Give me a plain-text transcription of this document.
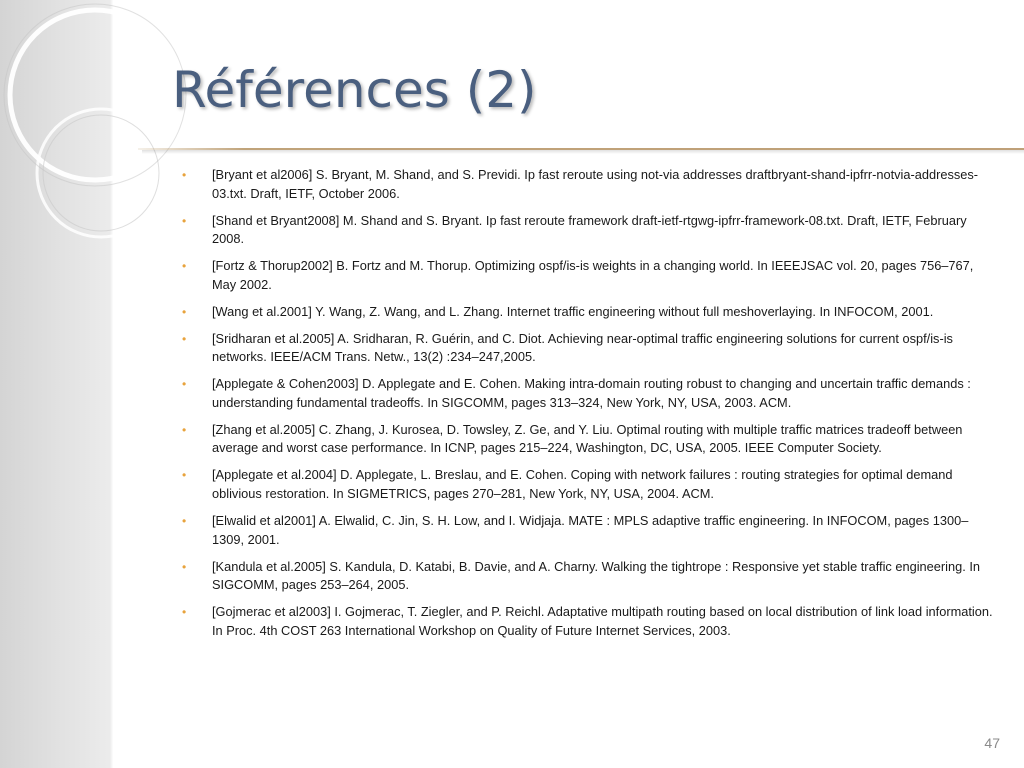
Références (2)
• [Bryant et al2006] S. Bryant, M. Shand, and S. Previdi. Ip fast reroute using not-via addresses draftbryant-shand-ipfrr-notvia-addresses-03.txt. Draft, IETF, October 2006.
• [Shand et Bryant2008] M. Shand and S. Bryant. Ip fast reroute framework draft-ietf-rtgwg-ipfrr-framework-08.txt. Draft, IETF, February 2008.
• [Fortz & Thorup2002] B. Fortz and M. Thorup. Optimizing ospf/is-is weights in a changing world. In IEEEJSAC vol. 20, pages 756–767, May 2002.
• [Wang et al.2001] Y. Wang, Z. Wang, and L. Zhang. Internet traffic engineering without full meshoverlaying. In INFOCOM, 2001.
• [Sridharan et al.2005] A. Sridharan, R. Guérin, and C. Diot. Achieving near-optimal traffic engineering solutions for current ospf/is-is networks. IEEE/ACM Trans. Netw., 13(2) :234–247,2005.
• [Applegate & Cohen2003] D. Applegate and E. Cohen. Making intra-domain routing robust to changing and uncertain traffic demands : understanding fundamental tradeoffs. In SIGCOMM, pages 313–324, New York, NY, USA, 2003. ACM.
• [Zhang et al.2005] C. Zhang, J. Kurosea, D. Towsley, Z. Ge, and Y. Liu. Optimal routing with multiple traffic matrices tradeoff between average and worst case performance. In ICNP, pages 215–224, Washington, DC, USA, 2005. IEEE Computer Society.
• [Applegate et al.2004] D. Applegate, L. Breslau, and E. Cohen. Coping with network failures : routing strategies for optimal demand oblivious restoration. In SIGMETRICS, pages 270–281, New York, NY, USA, 2004. ACM.
• [Elwalid et al2001] A. Elwalid, C. Jin, S. H. Low, and I. Widjaja. MATE : MPLS adaptive traffic engineering. In INFOCOM, pages 1300–1309, 2001.
• [Kandula et al.2005] S. Kandula, D. Katabi, B. Davie, and A. Charny. Walking the tightrope : Responsive yet stable traffic engineering. In SIGCOMM, pages 253–264, 2005.
• [Gojmerac et al2003] I. Gojmerac, T. Ziegler, and P. Reichl. Adaptative multipath routing based on local distribution of link load information. In Proc. 4th COST 263 International Workshop on Quality of Future Internet Services, 2003.
47
